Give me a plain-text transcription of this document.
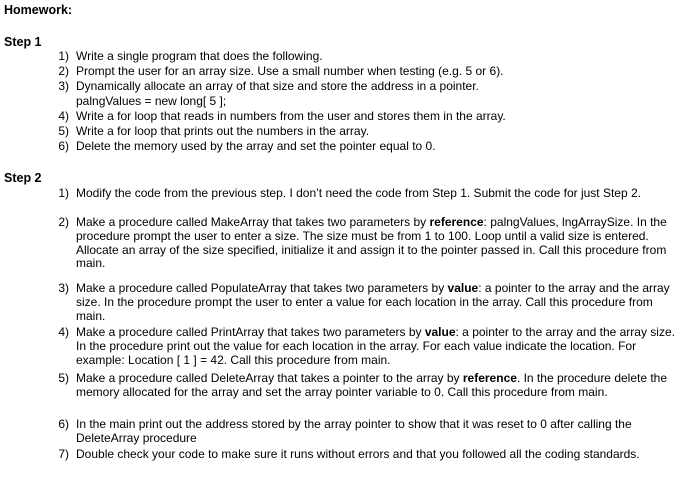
Homework:
Step 1
1) Write a single program that does the following.
2) Prompt the user for an array size. Use a small number when testing (e.g. 5 or 6).
3) Dynamically allocate an array of that size and store the address in a pointer.
palngValues = new long[ 5 ];
4) Write a for loop that reads in numbers from the user and stores them in the array.
5) Write a for loop that prints out the numbers in the array.
6) Delete the memory used by the array and set the pointer equal to 0.
Step 2
1) Modify the code from the previous step. I don’t need the code from Step 1. Submit the code for just Step 2.
2) Make a procedure called MakeArray that takes two parameters by reference: palngValues, lngArraySize. In the procedure prompt the user to enter a size. The size must be from 1 to 100. Loop until a valid size is entered. Allocate an array of the size specified, initialize it and assign it to the pointer passed in. Call this procedure from main.
3) Make a procedure called PopulateArray that takes two parameters by value: a pointer to the array and the array size. In the procedure prompt the user to enter a value for each location in the array. Call this procedure from main.
4) Make a procedure called PrintArray that takes two parameters by value: a pointer to the array and the array size. In the procedure print out the value for each location in the array. For each value indicate the location. For example: Location [ 1 ] = 42. Call this procedure from main.
5) Make a procedure called DeleteArray that takes a pointer to the array by reference. In the procedure delete the memory allocated for the array and set the array pointer variable to 0. Call this procedure from main.
6) In the main print out the address stored by the array pointer to show that it was reset to 0 after calling the DeleteArray procedure
7) Double check your code to make sure it runs without errors and that you followed all the coding standards.
